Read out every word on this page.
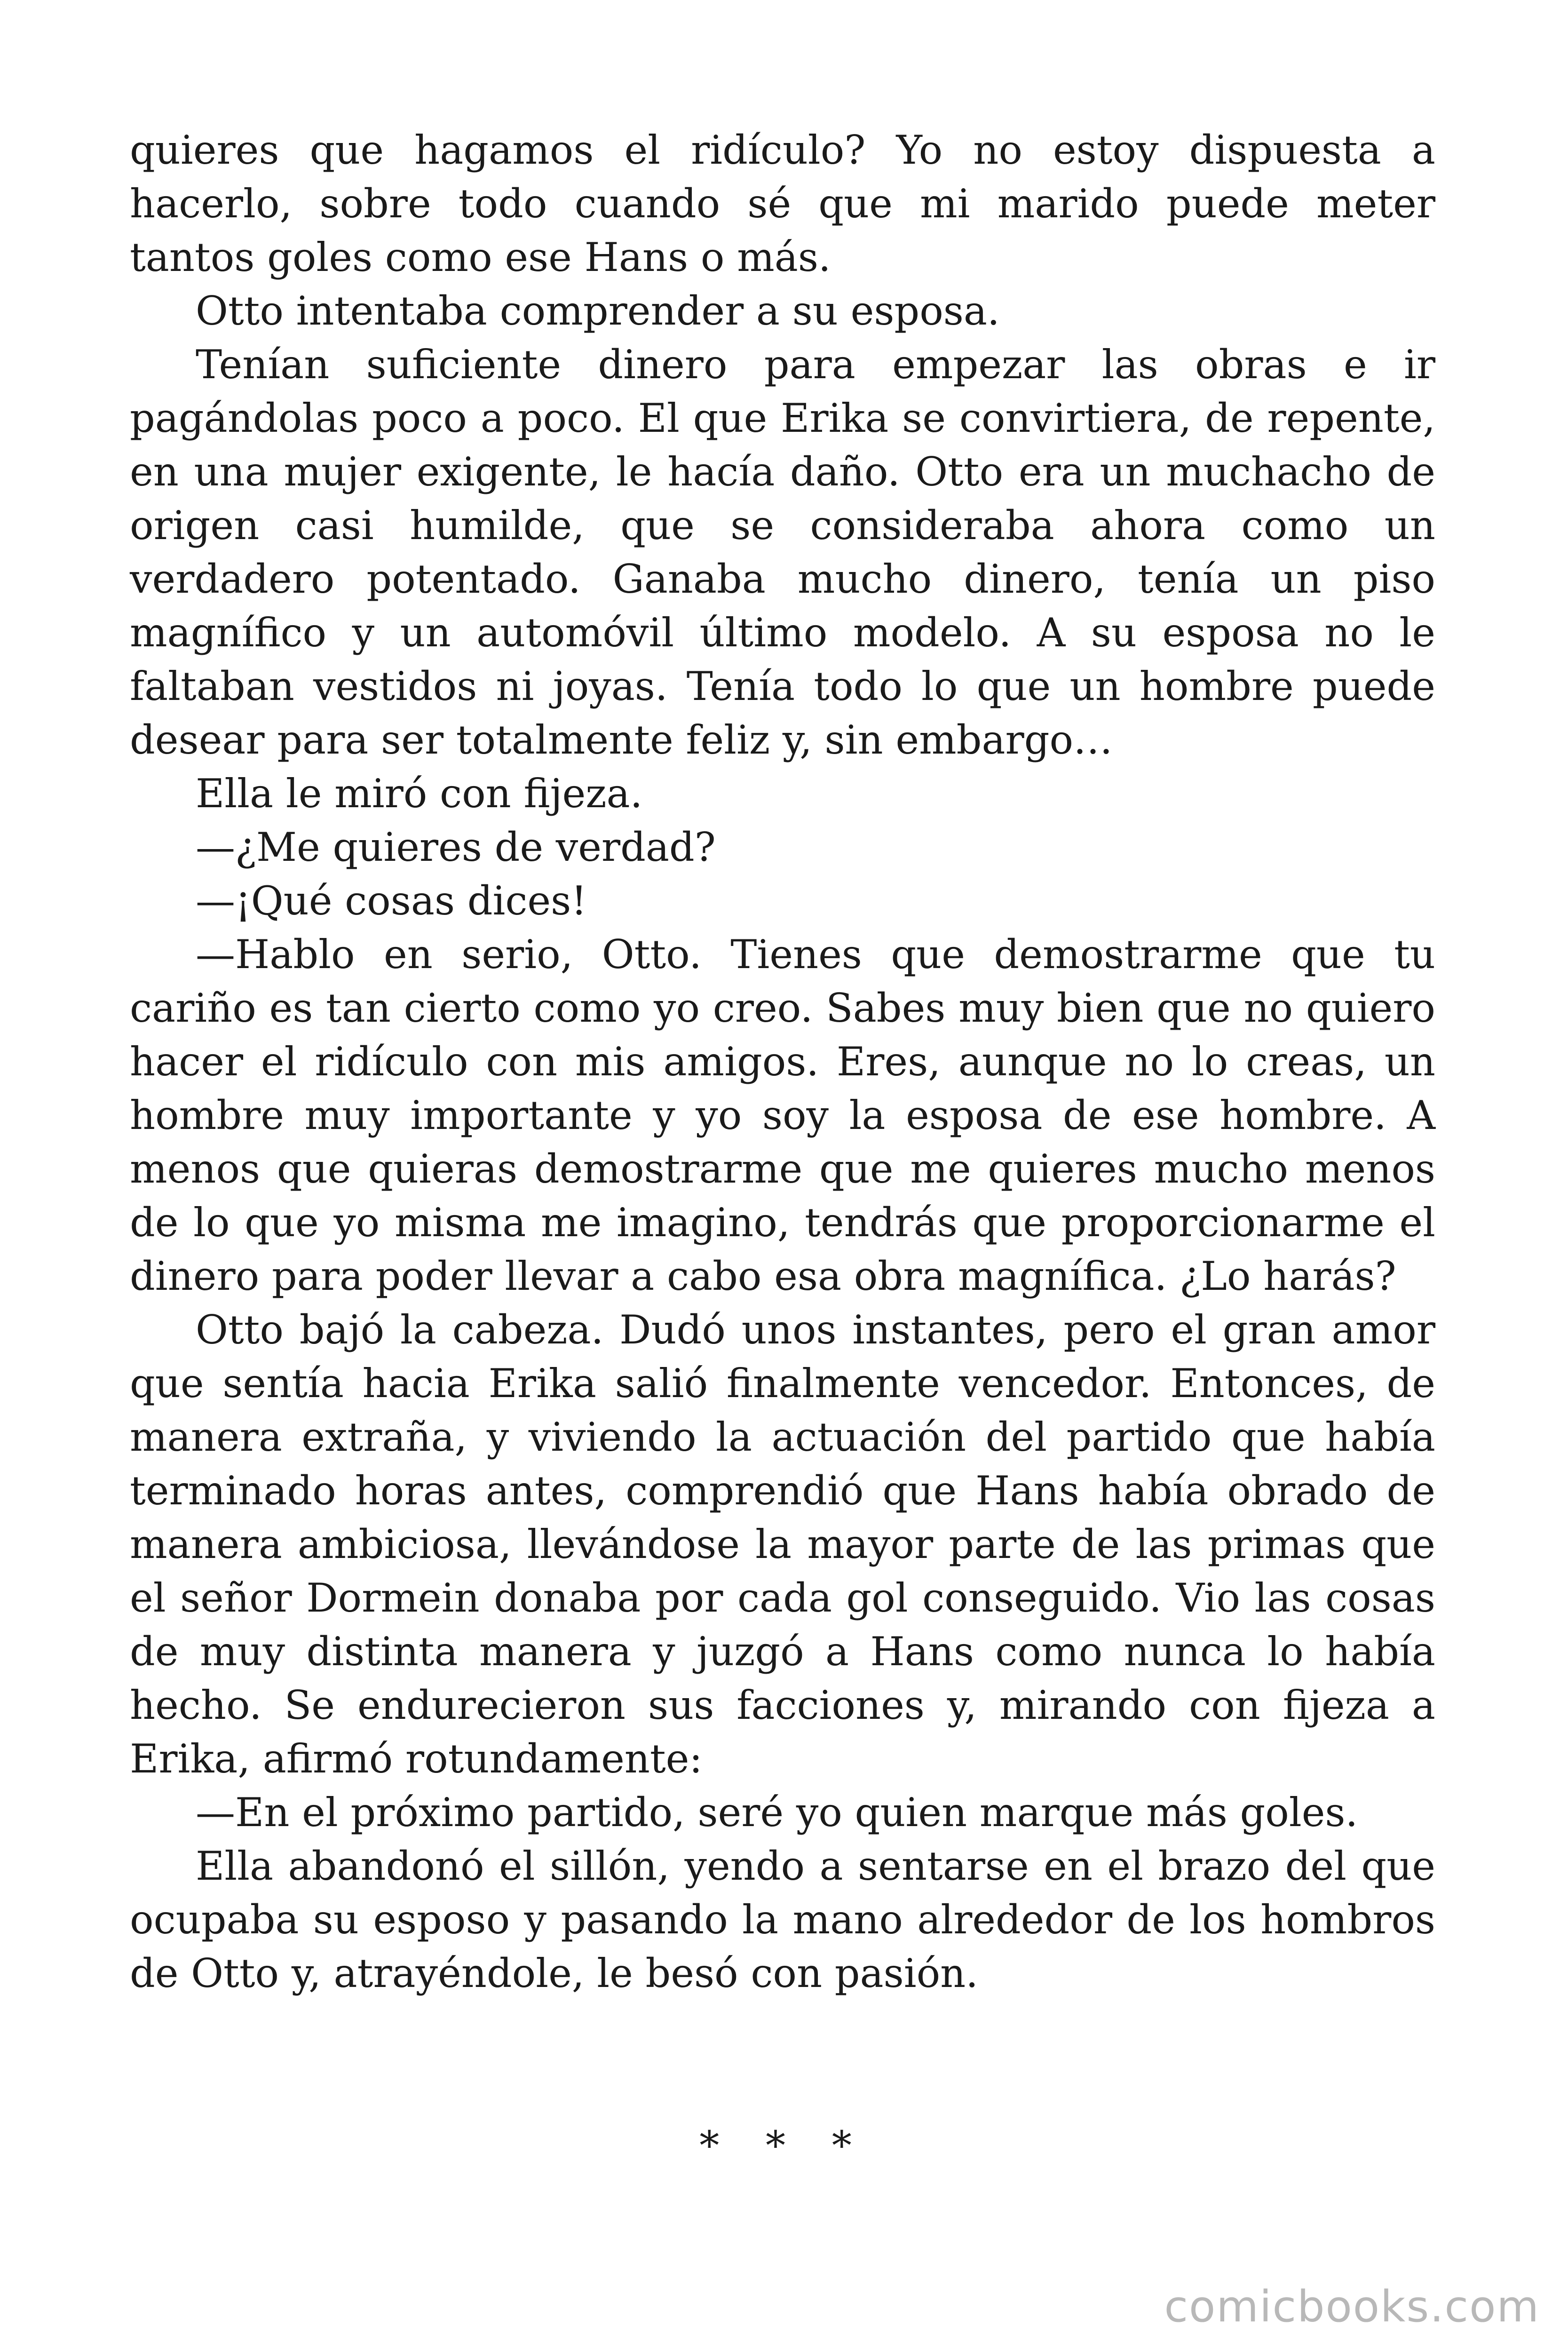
quieres que hagamos el ridículo? Yo no estoy dispuesta a hacerlo, sobre todo cuando sé que mi marido puede meter tantos goles como ese Hans o más.

Otto intentaba comprender a su esposa.

Tenían suficiente dinero para empezar las obras e ir pagándolas poco a poco. El que Erika se convirtiera, de repente, en una mujer exigente, le hacía daño. Otto era un muchacho de origen casi humilde, que se consideraba ahora como un verdadero potentado. Ganaba mucho dinero, tenía un piso magnífico y un automóvil último modelo. A su esposa no le faltaban vestidos ni joyas. Tenía todo lo que un hombre puede desear para ser totalmente feliz y, sin embargo…

Ella le miró con fijeza.

—¿Me quieres de verdad?

—¡Qué cosas dices!

—Hablo en serio, Otto. Tienes que demostrarme que tu cariño es tan cierto como yo creo. Sabes muy bien que no quiero hacer el ridículo con mis amigos. Eres, aunque no lo creas, un hombre muy importante y yo soy la esposa de ese hombre. A menos que quieras demostrarme que me quieres mucho menos de lo que yo misma me imagino, tendrás que proporcionarme el dinero para poder llevar a cabo esa obra magnífica. ¿Lo harás?

Otto bajó la cabeza. Dudó unos instantes, pero el gran amor que sentía hacia Erika salió finalmente vencedor. Entonces, de manera extraña, y viviendo la actuación del partido que había terminado horas antes, comprendió que Hans había obrado de manera ambiciosa, llevándose la mayor parte de las primas que el señor Dormein donaba por cada gol conseguido. Vio las cosas de muy distinta manera y juzgó a Hans como nunca lo había hecho. Se endurecieron sus facciones y, mirando con fijeza a Erika, afirmó rotundamente:

—En el próximo partido, seré yo quien marque más goles.

Ella abandonó el sillón, yendo a sentarse en el brazo del que ocupaba su esposo y pasando la mano alrededor de los hombros de Otto y, atrayéndole, le besó con pasión.

* * *
comicbooks.com
